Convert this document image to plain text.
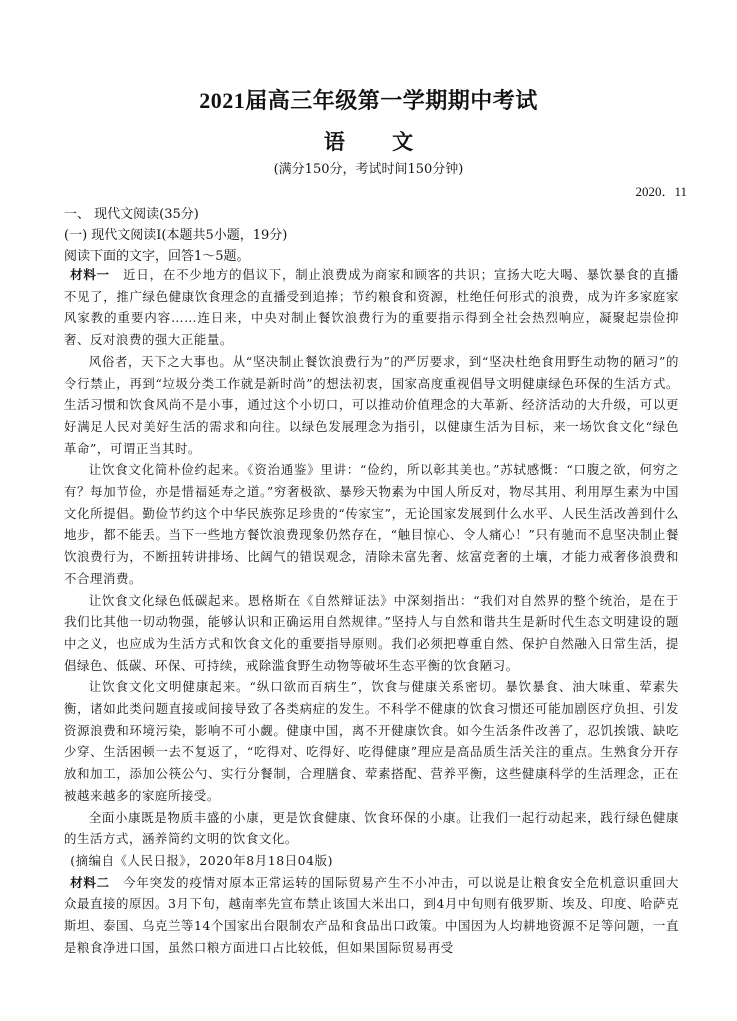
2021届高三年级第一学期期中考试
语 文
(满分150分，考试时间150分钟)
2020．11
一、 现代文阅读(35分)
(一) 现代文阅读Ⅰ(本题共5小题，19分)
阅读下面的文字，回答1～5题。

材料一　 近日，在不少地方的倡议下，制止浪费成为商家和顾客的共识；宣扬大吃大喝、暴饮暴食的直播不见了，推广绿色健康饮食理念的直播受到追捧；节约粮食和资源，杜绝任何形式的浪费，成为许多家庭家风家教的重要内容……连日来，中央对制止餐饮浪费行为的重要指示得到全社会热烈响应，凝聚起崇俭抑奢、反对浪费的强大正能量。

风俗者，天下之大事也。从“坚决制止餐饮浪费行为”的严厉要求，到“坚决杜绝食用野生动物的陋习”的令行禁止，再到“垃圾分类工作就是新时尚”的想法初衷，国家高度重视倡导文明健康绿色环保的生活方式。生活习惯和饮食风尚不是小事，通过这个小切口，可以推动价值理念的大革新、经济活动的大升级，可以更好满足人民对美好生活的需求和向往。以绿色发展理念为指引，以健康生活为目标，来一场饮食文化“绿色革命”，可谓正当其时。

让饮食文化简朴俭约起来。《资治通鉴》里讲：“俭约，所以彰其美也。”苏轼感慨：“口腹之欲，何穷之有？每加节俭，亦是惜福延寿之道。”穷奢极欲、暴殄天物素为中国人所反对，物尽其用、利用厚生素为中国文化所提倡。勤俭节约这个中华民族弥足珍贵的“传家宝”，无论国家发展到什么水平、人民生活改善到什么地步，都不能丢。当下一些地方餐饮浪费现象仍然存在，“触目惊心、令人痛心！”只有驰而不息坚决制止餐饮浪费行为，不断扭转讲排场、比阔气的错误观念，清除未富先奢、炫富竞奢的土壤，才能力戒奢侈浪费和不合理消费。

让饮食文化绿色低碳起来。恩格斯在《自然辩证法》中深刻指出：“我们对自然界的整个统治，是在于我们比其他一切动物强，能够认识和正确运用自然规律。”坚持人与自然和谐共生是新时代生态文明建设的题中之义，也应成为生活方式和饮食文化的重要指导原则。我们必须把尊重自然、保护自然融入日常生活，提倡绿色、低碳、环保、可持续，戒除滥食野生动物等破坏生态平衡的饮食陋习。

让饮食文化文明健康起来。“纵口欲而百病生”，饮食与健康关系密切。暴饮暴食、油大味重、荤素失衡，诸如此类问题直接或间接导致了各类病症的发生。不科学不健康的饮食习惯还可能加剧医疗负担、引发资源浪费和环境污染，影响不可小觑。健康中国，离不开健康饮食。如今生活条件改善了，忍饥挨饿、缺吃少穿、生活困顿一去不复返了，“吃得对、吃得好、吃得健康”理应是高品质生活关注的重点。生熟食分开存放和加工，添加公筷公勺、实行分餐制，合理膳食、荤素搭配、营养平衡，这些健康科学的生活理念，正在被越来越多的家庭所接受。

全面小康既是物质丰盛的小康，更是饮食健康、饮食环保的小康。让我们一起行动起来，践行绿色健康的生活方式，涵养简约文明的饮食文化。

(摘编自《人民日报》，2020年8月18日04版)

材料二　 今年突发的疫情对原本正常运转的国际贸易产生不小冲击，可以说是让粮食安全危机意识重回大众最直接的原因。3月下旬，越南率先宣布禁止该国大米出口，到4月中旬则有俄罗斯、埃及、印度、哈萨克斯坦、泰国、乌克兰等14个国家出台限制农产品和食品出口政策。中国因为人均耕地资源不足等问题，一直是粮食净进口国，虽然口粮方面进口占比较低，但如果国际贸易再受
